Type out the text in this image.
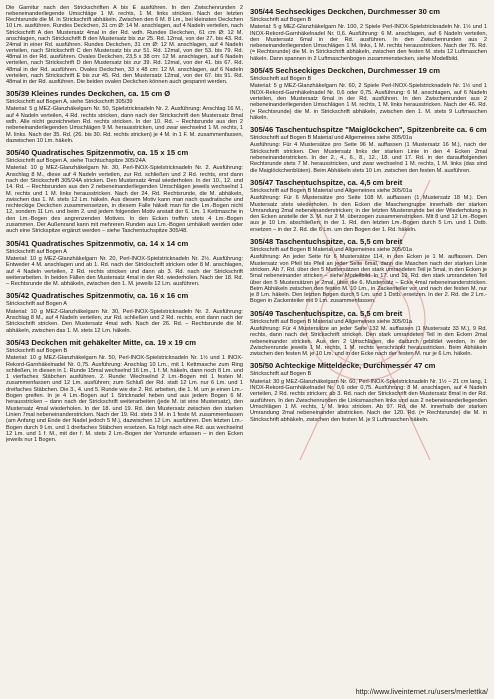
Die Garnitur nach den Strickschriften A bis E ausführen. In den Zwischenrunden 2 nebeneinanderliegende Umschläge 1 M. rechts, 1 M. links stricken. Nach der letzten Rechtsrunde die M. in Strickschrift abhäkeln. Zwischen den 6 M. 8 Lm., bei kleinsten Deckchen 10 Lm. ausführen. Rundes Deckchen, 31 cm Ø: 14 M. anschlagen, auf 4 Nadeln verteilen, nach Strickschrift A den Mustersatz 4mal in der Rd. wdh. Rundes Deckchen, 61 cm Ø: 12 M. anschlagen, nach Strickschrift B den Mustersatz bis zur 25. Rd. 12mal, von der 27. bis 43. Rd. 24mal in einer Rd. ausführen. Rundes Deckchen, 31 cm Ø: 12 M. anschlagen, auf 4 Nadeln verteilen, nach Strickschrift C den Mustersatz bis zur 51. Rd. 12mal, von der 53. bis 79. Rd. 48mal in der Rd. ausführen. Ovales Deckchen, 23,5 x 38 cm: 12 M. anschlagen, auf 6 Nadeln verteilen, nach Strickschrift D den Mustersatz bis zur 39. Rd. 12mal, von der 41. bis 67. Rd. 48mal in der Rd. ausführen. Ovales Deckchen, 33 x 48 cm: 12 M. anschlagen, auf 6 Nadeln verteilen, nach Strickschrift E bis zur 45. Rd. den Mustersatz 12mal, von der 67. bis 91. Rd. 48mal in der Rd. ausführen. Die beiden ovalen Deckchen können auch gespannt werden.

305/39 Kleines rundes Deckchen, ca. 15 cm Ø

Strickschrift auf Bogen A, siehe Strickschrift 305/39

Material: 5 g MEZ-Glanzhäkelgarn Nr. 50, Spielstricknadeln Nr. 2. Ausführung: Anschlag 16 M., auf 4 Nadeln verteilen, 4 Rd. rechts stricken, dann nach der Strickschrift den Mustersatz 8mal wdh. Alle nicht gezeichneten Rd. rechts stricken. In der 10. Rd. – Rechtsrunde aus den 2 nebeneinanderliegenden Umschlägen 9 M. herausstricken, und zwar wechselnd 1 M. rechts, 1 M. links. Nach der 35. Rd. (26. bis 30. Rd. rechts stricken) je 4 M. in 1 F. M. zusammenfassen, dazwischen 10 Lm. häkeln.

305/40 Quadratisches Spitzenmotiv, ca. 15 x 15 cm

Strickschrift auf Bogen A, siehe Tischtuchspitze 305/24A

Material: 10 g MEZ-Glanzhäkelgarn Nr. 30, Perl-INOX-Spielstricknadeln Nr. 2. Ausführung: Anschlag 8 M., diese auf 4 Nadeln verteilen, zur Rd. schließen und 2 Rd. rechts, erst dann nach der Strickschrift 305/24A stricken. Den Mustersatz 4mal wiederholen. In der 10., 12. und 14. Rd. – Rechtsrunden aus den 2 nebeneinanderliegenden Umschlägen jeweils wechselnd 1 M. rechts und 1 M. links herausstricken. Nach der 24. Rd. Rechtsrunde, die M. abhäkeln, zwischen das 1. M. stets 12 Lm. häkeln. Aus diesem Motiv kann man nach quadratische und rechteckige Deckchen zusammensetzen, in diesem Falle häkelt man für die Lm.-Bogen nicht 12, sondern 11 Lm. und beim 2. und jedem folgenden Motiv anstatt der 6. Lm. 1 Kettmasche in den Lm.-Bogen des angrenzenden Motives. In den Ecken treffen stets 4 Lm.-Bogen zusammen. Der Außenrand kann mit mehreren Runden aus Lm.-Bogen umhäkelt werden oder auch eine Strickspitze ergänzt werden – siehe Taschentuchspitze 305/48.

305/41 Quadratisches Spitzenmotiv, ca. 14 x 14 cm

Strickschrift auf Bogen A

Material: 10 g MEZ-Glanzhäkelgarn Nr. 20, Perl-INOX-Spielstricknadeln Nr. 2½. Ausführung: Entweder 4 M. anschlagen und ab 1. Rd. nach der Strickschrift stricken oder 8 M. anschlagen, auf 4 Nadeln verteilen, 2 Rd. rechts stricken und dann ab 3. Rd. nach der Strickschrift weiterarbeiten. In beiden Fällen den Mustersatz 4mal in der Rd. wiederholen. Nach der 18. Rd. – Rechtsrunde die M. abhäkeln, zwischen den 1. M. jeweils 12 Lm. ausführen.

305/42 Quadratisches Spitzenmotiv, ca. 16 x 16 cm

Strickschrift auf Bogen A

Material: 10 g MEZ-Glanzhäkelgarn Nr. 30, Perl-INOX-Spielstricknadeln Nr. 2. Ausführung: Anschlag 8 M., auf 4 Nadeln verteilen, zur Rd. schließen und 2 Rd. rechts, erst dann nach der Strickschrift stricken. Den Mustersatz 4mal wdh. Nach der 26. Rd. – Rechtsrunde die M. abhäkeln, zwischen das 1. M. stets 12 Lm. häkeln.

305/43 Deckchen mit gehäkelter Mitte, ca. 19 x 19 cm

Strickschrift auf Bogen B

Material: 10 g MEZ-Glanzhäkelgarn Nr. 50, Perl-INOX-Spielstricknadeln Nr. 1½ und 1 INOX-Rekord-Garnhäkelnadel Nr. 0,75. Ausführung: Anschlag 10 Lm., mit 1 Kettmasche zum Ring schließen, in diesen in 1. Runde 15mal wechselnd 16 Lm., 1 f. M. häkeln, dann noch 8 Lm. und 1 vierfaches Stäbchen ausführen. 2. Runde: Wechselnd 2 Lm.-Bogen mit 1 festen M. zusammenfassen und 12 Lm. ausführen; zum Schluß der Rd. statt 12 Lm. nur 6 Lm. und 1 dreifaches Stäbchen. Die 3., 4. und 5. Runde wie die 2. Rd. arbeiten, die 1. M. um je einen Lm.-Bogen greifen. In je 4 Lm.-Bogen auf 1 Stricknadel heben und aus jedem Bogen 6 M. herausstricken – dann nach der Strickschrift weiterarbeiten (jede M. ist eine Mustersatz), den Mustersatz 4mal wiederholen. In der 18. und 19. Rd. den Mustersatz zwischen den starken Linien 7mal nebeneinanderstricken. Nach der 19. Rd. stets 3 M. in 1 feste M. zusammenfassen (am Anfang und Ende der Nadel jedoch 5 M.), dazwischen 12 Lm. ausführen. Den letzten Lm.-Bogen durch 9 Lm. und 1 dreifaches Stäbchen ersetzen. Es folgt nach eine Rd. aus wechselnd 12 Lm. und 1 f. M., mit der f. M. stets 2 Lm.-Bogen der Vorrunde erfassen – in den Ecken jeweils nur 1 Bogen.

305/44 Sechseckiges Deckchen, Durchmesser 30 cm

Strickschrift auf Bogen B

Material: 5 g MEZ-Glanzhäkelgarn Nr. 100, 2 Spiele Perl-INOX-Spielstricknadeln Nr. 1½ und 1 INOX-Rekord-Garnhäkelnadel Nr. 0,6. Ausführung: 6 M. anschlagen, auf 6 Nadeln verteilen, den Mustersatz 6mal in der Rd. ausführen. In den Zwischenrunden aus 2 nebeneinanderliegenden Umschlägen 1 M. links, 1 M. rechts herausstricken. Nach der 76. Rd. (= Rechtsrunde) die M. in Strickschrift abhäkeln, zwischen den festen M. stets 12 Luftmaschen häkeln. Dann spannen in 2 Luftmaschenbogen zusammenstecken, siehe Modellbild.

305/45 Sechseckiges Deckchen, Durchmesser 19 cm

Strickschrift auf Bogen B

Material: 5 g MEZ-Glanzhäkelgarn Nr. 60, 2 Spiele Perl-INOX-Spielstricknadeln Nr. 1½ und 1 INOX-Rekord-Garnhäkelnadel Nr. 0,6 oder 0,75. Ausführung: 6 M. anschlagen, auf 6 Nadeln verteilen, den Mustersatz 6mal in der Rd. ausführen. In den Zwischenrunden aus 2 nebeneinanderliegenden Umschlägen 1 M. rechts, 1 M. links herausstricken. Nach der 46. Rd. (= Rechtsrunde) die M. in Strickschrift abhäkeln, zwischen den 1. M. stets 9 Luftmaschen häkeln.

305/46 Taschentuchspitze "Maiglöckchen", Spitzenbreite ca. 6 cm

Strickschrift auf Bogen B Material und Allgemeines siehe 305/01a

Ausführung: Für 4 Mustersätze pro Seite 96 M. auffassen (1 Mustersatz 16 M.), nach der Strickschrift stricken. Den Mustersatz links der starken Linie in den 4 Ecken 2mal nebeneinanderstricken. In der 2., 4., 6., 8., 12., 18. und 17. Rd. in der darauffolgenden Rechtsrunde stets 7 M. herausstricken, und zwar wechselnd 1 M. rechts, 1 M. links (das sind die Maiglöckchenblüten). Beim Abhäkeln stets 10 Lm. zwischen den festen M. ausführen.

305/47 Taschentuchspitze, ca. 4,5 cm breit

Strickschrift auf Bogen B Material und Allgemeines siehe 305/01a

Ausführung: Für 6 Mustersätze pro Seite 108 M. auffassen (1 Mustersatz 18 M.). Den Mustersatz stets wiederholen. In den Ecken die Maschengruppe innerhalb der starken Umrandung 2mal nebeneinanderstricken; in der letzten Mustersrunde bei der Wiederholung in den Ecken anstelle der 3. M. nur 2 M. überzogen zusammenstricken. Mit 8 und 12 Lm.-Bogen aus je 10 Lm. abschließen; in der 1. Rd. den letzten Lm.-Bogen durch 5 Lm. und 1 Dstb. ersetzen – in der 2. Rd. die 6 Lm. um den Bogen der 1. Rd. häkeln.

305/48 Taschentuchspitze, ca. 5,5 cm breit

Strickschrift auf Bogen B Material und Allgemeines siehe 305/01a

Ausführung: An jeder Seite für 6 Mustersätze 114, in den Ecken je 1 M. auffassen. Den Mustersatz von Pfeil bis Pfeil an jeder Seite 6mal, dann die Maschen nach der starken Linie stricken. Ab 7. Rd. über den 5 Mustersätzen den stark umrandeten Teil je 5mal, in den Ecken je 5mal nebeneinander stricken – siehe Modellbild. In 17. und 19. Rd. den stark umrandeten Teil über den 5 Mustersätzen je 2mal, über die 6. Mustersatz – Ecke 4mal nebeneinanderstricken. Beim Abhäkeln zwischen den festen M. 10 Lm., in Zackenteiler vor und nach der festen M. nur je 8 Lm. häkeln. Den letzten Bogen durch 5 Lm. und 1 Dstb. ersetzen. In der 2. Rd. die 2 Lm.-Bogen in Zackenteiler mit 9 Lm. zusammenfassen.

305/49 Taschentuchspitze, ca. 5,5 cm breit

Strickschrift auf Bogen B Material und Allgemeines siehe 305/01a

Ausführung: Für 4 Mustersätze an jeder Seite 132 M. auffassen (1 Mustersatz 33 M.), 9 Rd. rechts, dann nach der Strickschrift stricken. Den stark umrandeten Teil in den Ecken 2mal nebeneinander stricken. Aus den 2 Umschlägen, die dadurch gebildet werden, in der Zwischenrunde jeweils 1 M. rechts, 1 M. rechts verschränkt herausstricken. Beim Abhäkeln zwischen den festen M. je 10 Lm. und in der Ecke nach der festen M. nur je 6 Lm. häkeln.

305/50 Achteckige Mitteldecke, Durchmesser 47 cm

Strickschrift auf Bogen B

Material: 30 g MEZ-Glanzhäkelgarn Nr. 60, Perl-INOX-Spielstricknadeln Nr. 1½ – 21 cm lang, 1 INOX-Rekord-Garnhäkelnadel Nr. 0,6 oder 0,75. Ausführung: 8 M. anschlagen, auf 4 Nadeln verteilen, 2 Rd. rechts stricken; ab 3. Rd. nach der Strickschrift den Mustersatz 8mal in der Rd. ausführen. In den Zwischenrunden die Linksmaschen links und aus 2 nebeneinanderliegenden Umschlägen 1 M. rechts, 1 M. links stricken. Ab 97. Rd. die M. innerhalb der starken Umrandung 2mal nebeneinander abstricken. Nach der 120. Rd. (= Rechtsrunde) die M. in Strickschrift abhäkeln, zwischen den festen M. je 9 Luftmaschen häkeln.

http://www.liveinternet.ru/users/merlettka/
